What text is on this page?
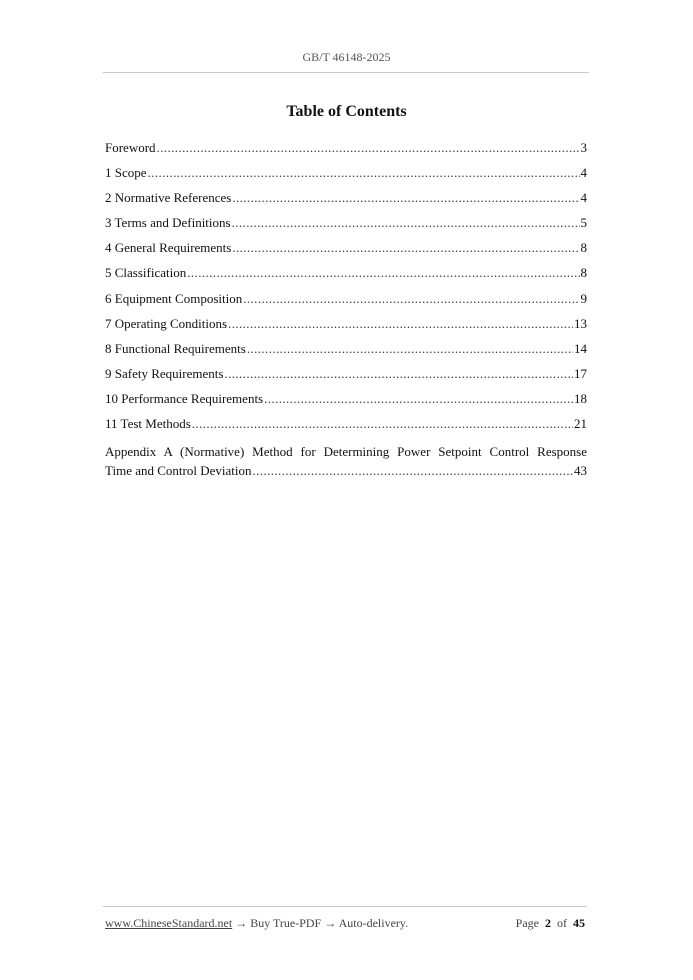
GB/T 46148-2025
Table of Contents
Foreword .....	3
1 Scope .....	4
2 Normative References .....	4
3 Terms and Definitions .....	5
4 General Requirements .....	8
5 Classification .....	8
6 Equipment Composition .....	9
7 Operating Conditions .....	13
8 Functional Requirements .....	14
9 Safety Requirements .....	17
10 Performance Requirements .....	18
11 Test Methods .....	21
Appendix A (Normative) Method for Determining Power Setpoint Control Response
Time and Control Deviation .....	43
www.ChineseStandard.net → Buy True-PDF → Auto-delivery.	Page 2 of 45
